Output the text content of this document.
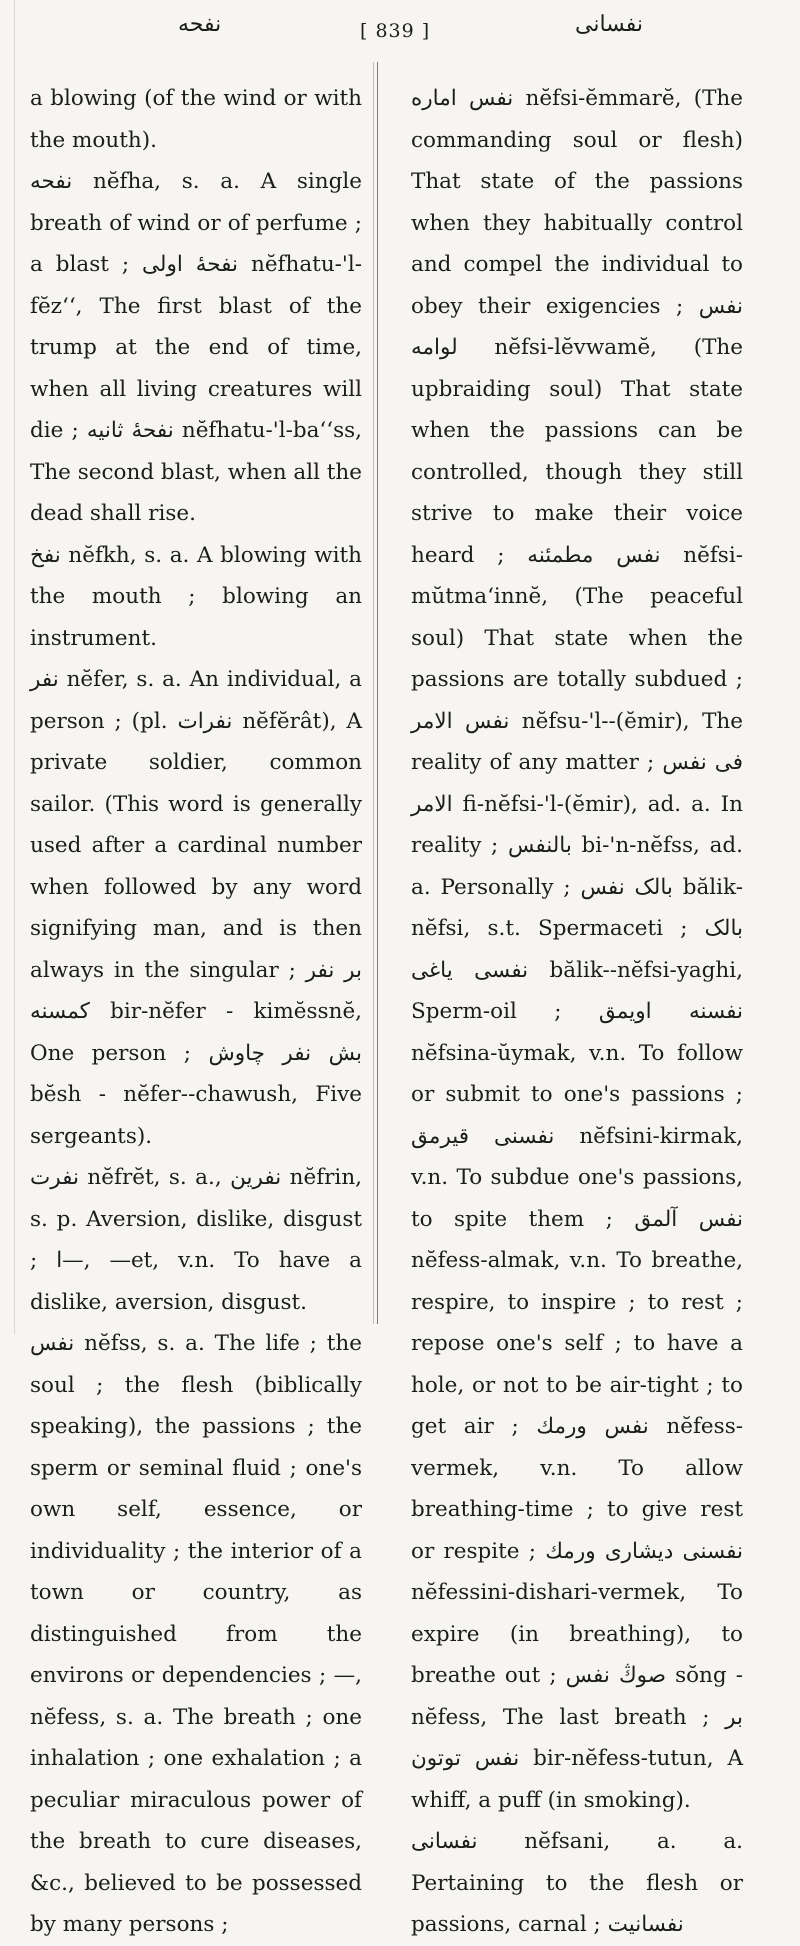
نفحه	[ 839 ]	نفسانی

a blowing (of the wind or with the mouth).

نفحه nĕfha, s. a. A single breath of wind or of perfume ; a blast ; نفحهٔ اولی nĕfhatu-'l-fĕz‘‘, The first blast of the trump at the end of time, when all living creatures will die ; نفحهٔ ثانیه nĕfhatu-'l-ba‘‘ss, The second blast, when all the dead shall rise.

نفخ nĕfkh, s. a. A blowing with the mouth ; blowing an instrument.

نفر nĕfer, s. a. An individual, a person ; (pl. نفرات nĕfĕrât), A private soldier, common sailor. (This word is generally used after a cardinal number when followed by any word signifying man, and is then always in the singular ; بر نفر کمسنه bir-nĕfer - kimĕssnĕ, One person ; بش نفر چاوش bĕsh - nĕfer--chawush, Five sergeants).

نفرت nĕfrĕt, s. a., نفرین nĕfrin, s. p. Aversion, dislike, disgust ; ا—, —et, v.n. To have a dislike, aversion, disgust.

نفس nĕfss, s. a. The life ; the soul ; the flesh (biblically speaking), the passions ; the sperm or seminal fluid ; one's own self, essence, or individuality ; the interior of a town or country, as distinguished from the environs or dependencies ; —, nĕfess, s. a. The breath ; one inhalation ; one exhalation ; a peculiar miraculous power of the breath to cure diseases, &c., believed to be possessed by many persons ;

نفس اماره nĕfsi-ĕmmarĕ, (The commanding soul or flesh) That state of the passions when they habitually control and compel the individual to obey their exigencies ; نفس لوامه nĕfsi-lĕvwamĕ, (The upbraiding soul) That state when the passions can be controlled, though they still strive to make their voice heard ; نفس مطمئنه nĕfsi-mŭtma‘innĕ, (The peaceful soul) That state when the passions are totally subdued ; نفس الامر nĕfsu-'l--(ĕmir), The reality of any matter ; فی نفس الامر fi-nĕfsi-'l-(ĕmir), ad. a. In reality ; بالنفس bi-'n-nĕfss, ad. a. Personally ; بالک نفس bălik-nĕfsi, s.t. Spermaceti ; بالک نفسی یاغی bălik--nĕfsi-yaghi, Sperm-oil ; نفسنه اویمق nĕfsina-ŭymak, v.n. To follow or submit to one's passions ; نفسنی قیرمق nĕfsini-kirmak, v.n. To subdue one's passions, to spite them ; نفس آلمق nĕfess-almak, v.n. To breathe, respire, to inspire ; to rest ; repose one's self ; to have a hole, or not to be air-tight ; to get air ; نفس ورمك nĕfess-vermek, v.n. To allow breathing-time ; to give rest or respite ; نفسنی دیشاری ورمك nĕfessini-dishari-vermek, To expire (in breathing), to breathe out ; صوڭ نفس sŏng - nĕfess, The last breath ; بر نفس توتون bir-nĕfess-tutun, A whiff, a puff (in smoking).

نفسانی nĕfsani, a. a. Pertaining to the flesh or passions, carnal ; نفسانیت
